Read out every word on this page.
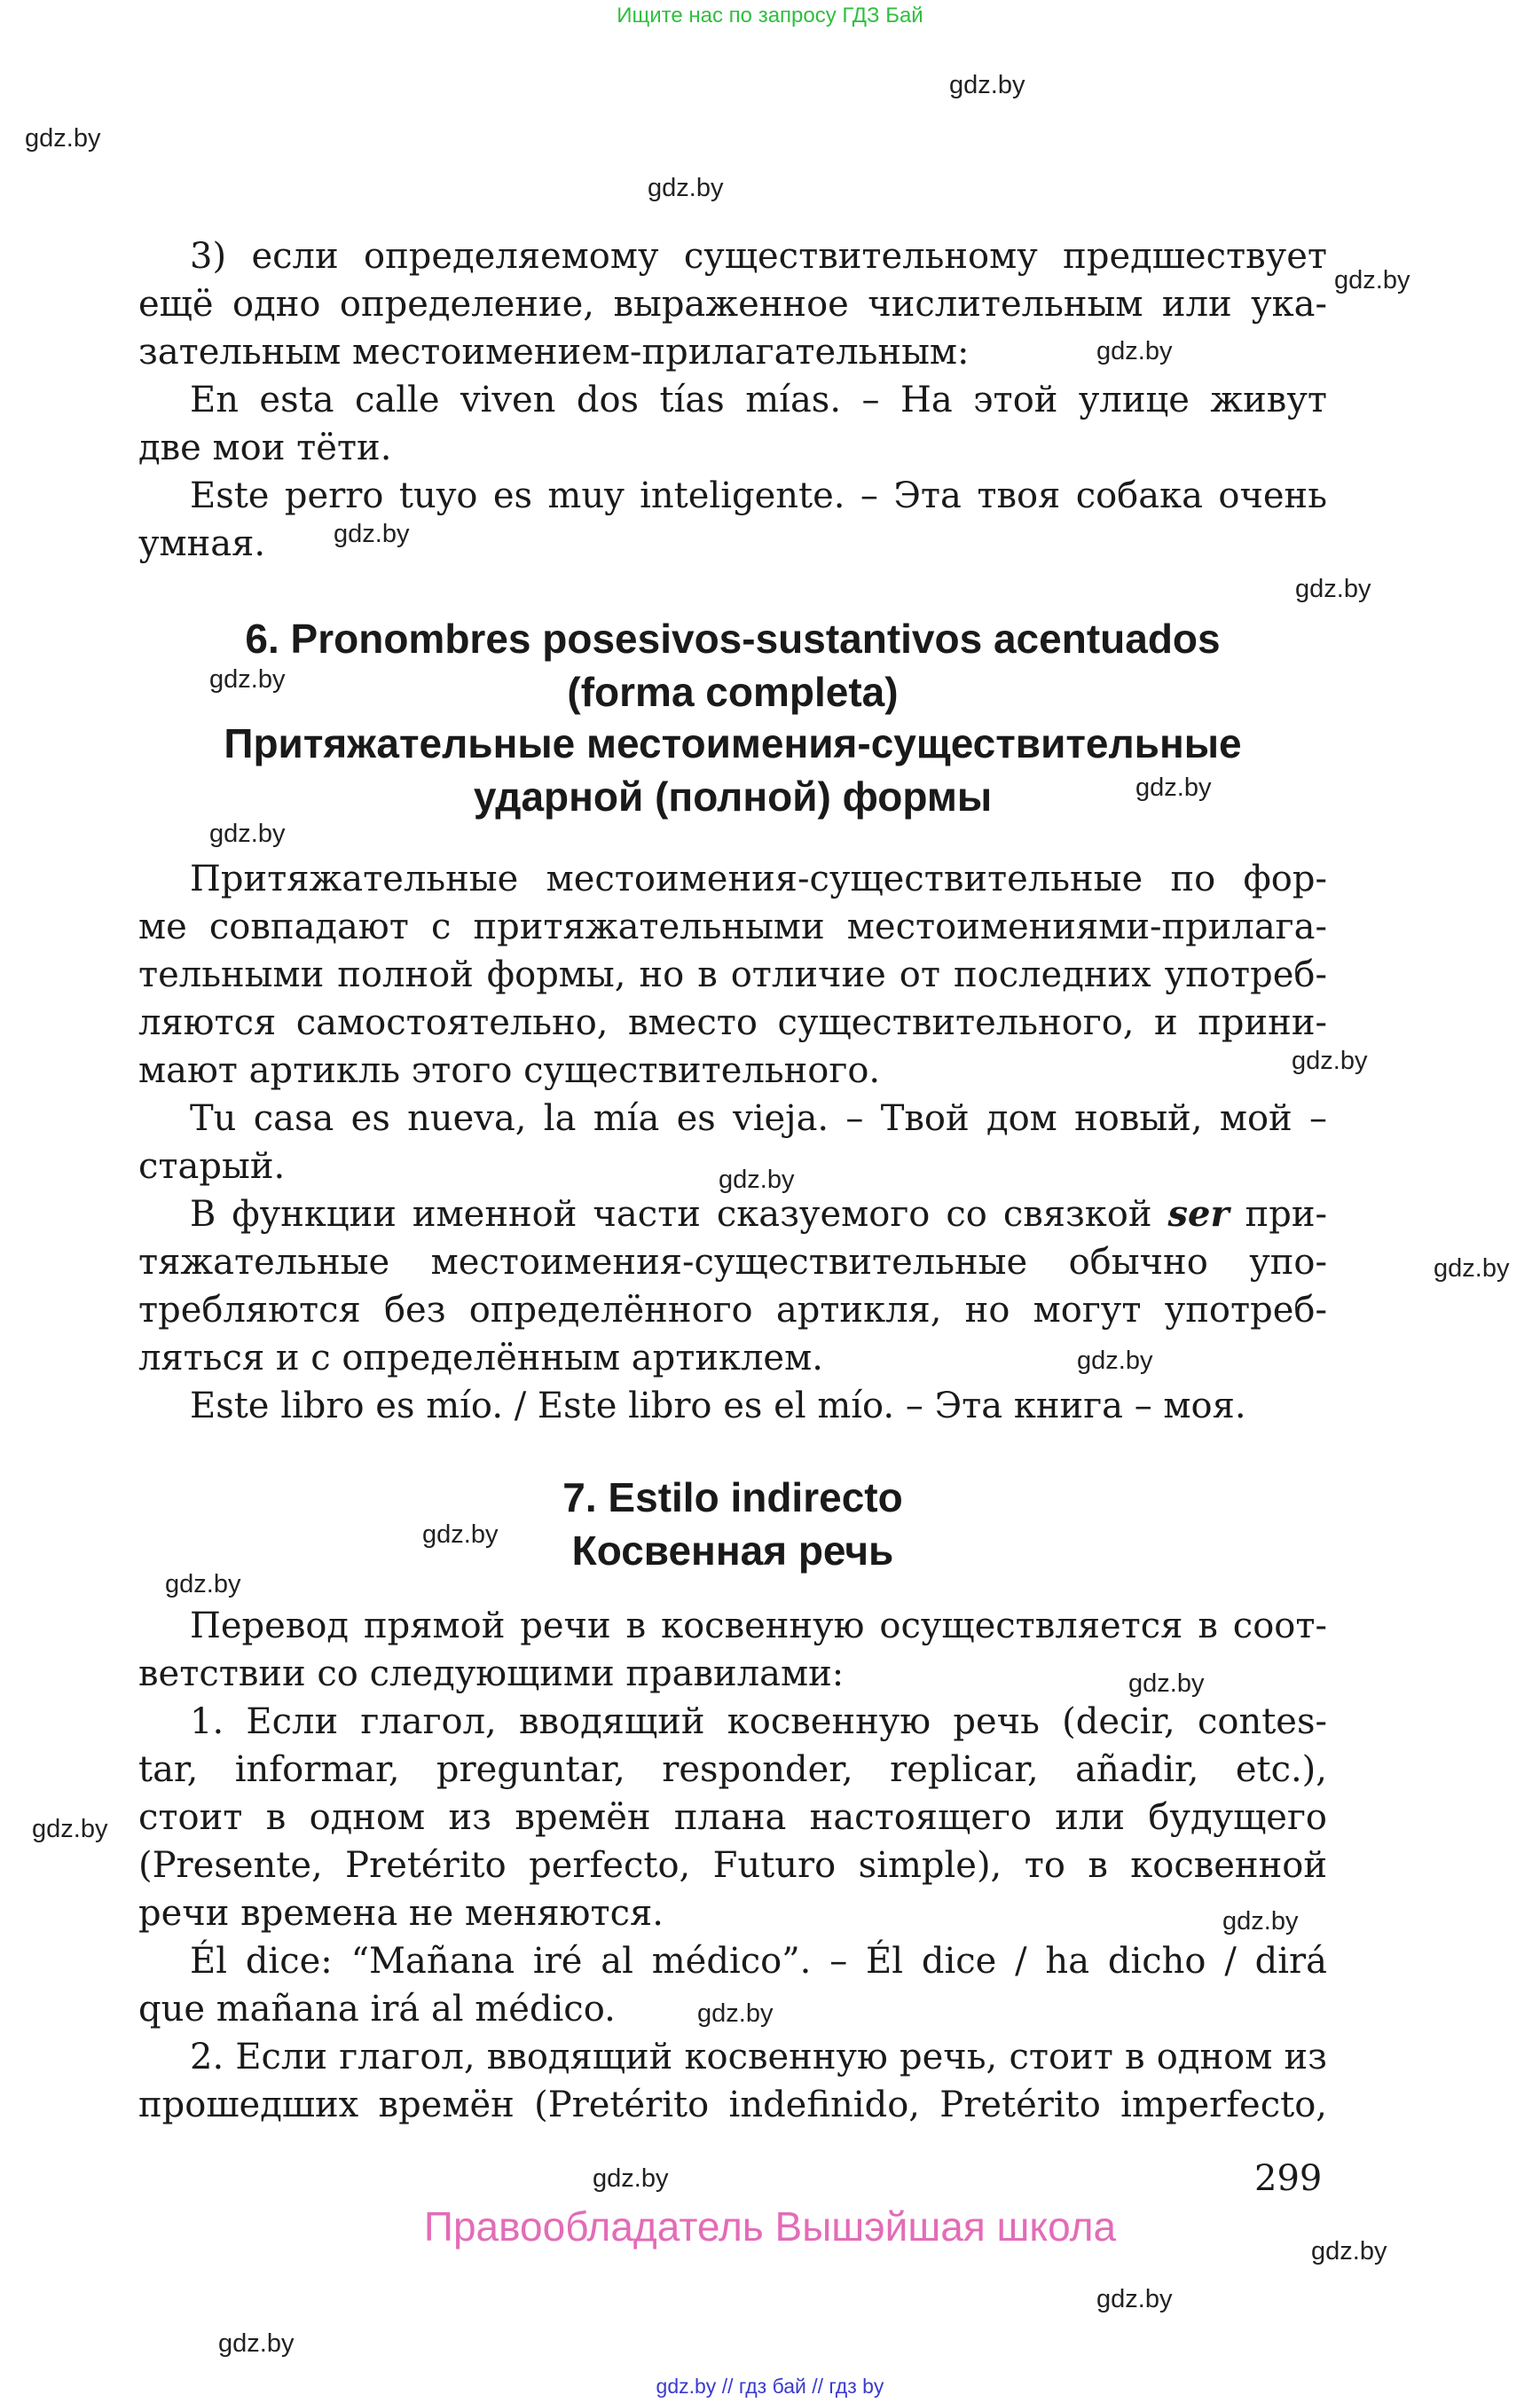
Ищите нас по запросу ГДЗ Бай
gdz.by
gdz.by
gdz.by
gdz.by
gdz.by
gdz.by
gdz.by
gdz.by
gdz.by
gdz.by
gdz.by
gdz.by
gdz.by
gdz.by
gdz.by
gdz.by
gdz.by
gdz.by
gdz.by
gdz.by
gdz.by
gdz.by
gdz.by
gdz.by
3) если определяемому существительному предшествует
ещё одно определение, выраженное числительным или ука-
зательным местоимением-прилагательным:
En esta calle viven dos tías mías. – На этой улице живут
две мои тёти.
Este perro tuyo es muy inteligente. – Эта твоя собака очень
умная.
6. Pronombres posesivos-sustantivos acentuados
(forma completa)
Притяжательные местоимения-существительные
ударной (полной) формы
Притяжательные местоимения-существительные по фор-
ме совпадают с притяжательными местоимениями-прилага-
тельными полной формы, но в отличие от последних употреб-
ляются самостоятельно, вместо существительного, и прини-
мают артикль этого существительного.
Tu casa es nueva, la mía es vieja. – Твой дом новый, мой –
старый.
В функции именной части сказуемого со связкой ser при-
тяжательные местоимения-существительные обычно упо-
требляются без определённого артикля, но могут употреб-
ляться и с определённым артиклем.
Este libro es mío. / Este libro es el mío. – Эта книга – моя.
7. Estilo indirecto
Косвенная речь
Перевод прямой речи в косвенную осуществляется в соот-
ветствии со следующими правилами:
1. Если глагол, вводящий косвенную речь (decir, contes-
tar, informar, preguntar, responder, replicar, añadir, etc.),
стоит в одном из времён плана настоящего или будущего
(Presente, Pretérito perfecto, Futuro simple), то в косвенной
речи времена не меняются.
Él dice: “Mañana iré al médico”. – Él dice / ha dicho / dirá
que mañana irá al médico.
2. Если глагол, вводящий косвенную речь, стоит в одном из
прошедших времён (Pretérito indefinido, Pretérito imperfecto,
299
Правообладатель Вышэйшая школа
gdz.by // гдз бай // гдз by
